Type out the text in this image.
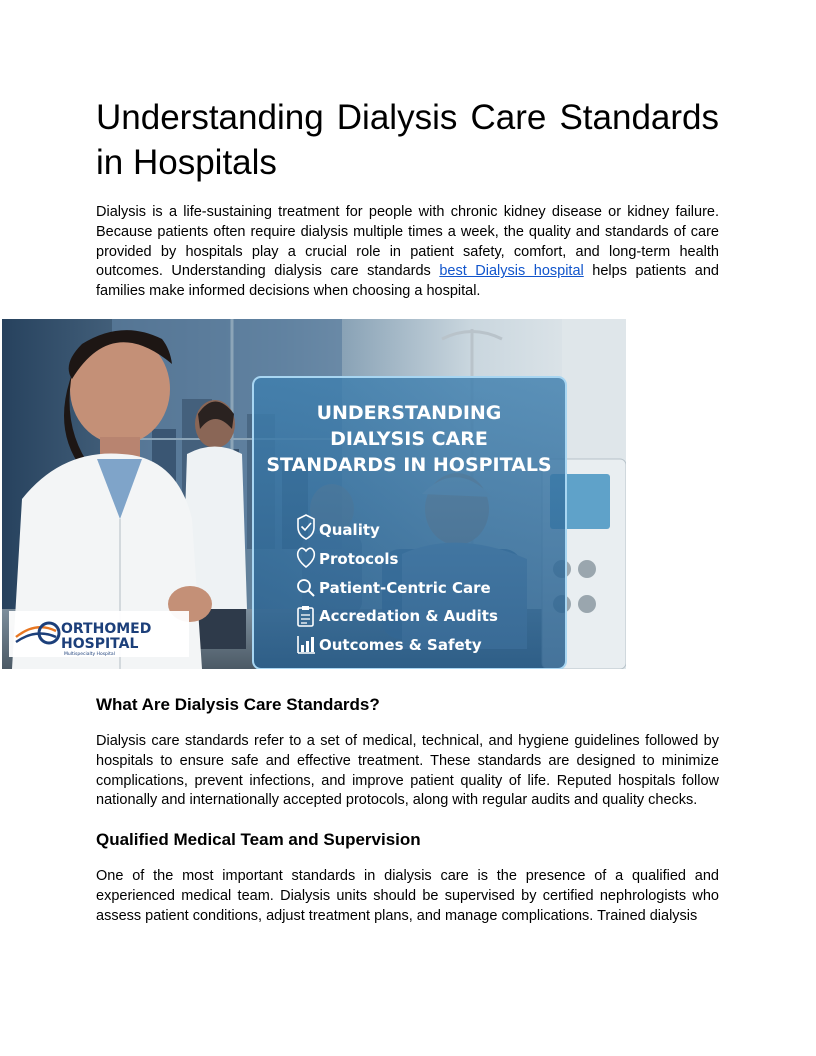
Understanding Dialysis Care Standards in Hospitals

Dialysis is a life-sustaining treatment for people with chronic kidney disease or kidney failure. Because patients often require dialysis multiple times a week, the quality and standards of care provided by hospitals play a crucial role in patient safety, comfort, and long-term health outcomes. Understanding dialysis care standards best Dialysis hospital helps patients and families make informed decisions when choosing a hospital.

What Are Dialysis Care Standards?

Dialysis care standards refer to a set of medical, technical, and hygiene guidelines followed by hospitals to ensure safe and effective treatment. These standards are designed to minimize complications, prevent infections, and improve patient quality of life. Reputed hospitals follow nationally and internationally accepted protocols, along with regular audits and quality checks.

Qualified Medical Team and Supervision

One of the most important standards in dialysis care is the presence of a qualified and experienced medical team. Dialysis units should be supervised by certified nephrologists who assess patient conditions, adjust treatment plans, and manage complications. Trained dialysis

UNDERSTANDING
DIALYSIS CARE
STANDARDS IN HOSPITALS
Quality
Protocols
Patient-Centric Care
Accredation & Audits
Outcomes & Safety
ORTHOMED
HOSPITAL
Multispecialty Hospital
